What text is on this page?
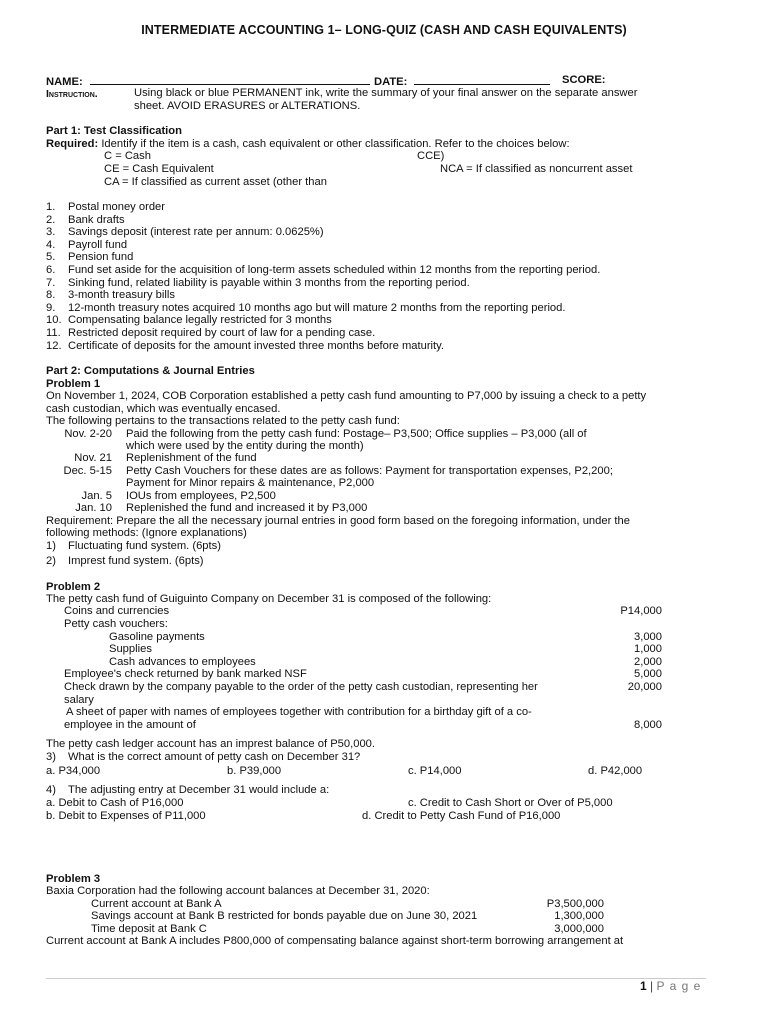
INTERMEDIATE ACCOUNTING 1– LONG-QUIZ (CASH AND CASH EQUIVALENTS)
NAME:	DATE:	SCORE:
Instruction.	Using black or blue PERMANENT ink, write the summary of your final answer on the separate answer
sheet. AVOID ERASURES or ALTERATIONS.
Part 1: Test Classification
Required: Identify if the item is a cash, cash equivalent or other classification. Refer to the choices below:
C = Cash	CCE)
CE = Cash Equivalent	NCA = If classified as noncurrent asset
CA = If classified as current asset (other than
1. Postal money order
2. Bank drafts
3. Savings deposit (interest rate per annum: 0.0625%)
4. Payroll fund
5. Pension fund
6. Fund set aside for the acquisition of long-term assets scheduled within 12 months from the reporting period.
7. Sinking fund, related liability is payable within 3 months from the reporting period.
8. 3-month treasury bills
9. 12-month treasury notes acquired 10 months ago but will mature 2 months from the reporting period.
10. Compensating balance legally restricted for 3 months
11. Restricted deposit required by court of law for a pending case.
12. Certificate of deposits for the amount invested three months before maturity.
Part 2: Computations & Journal Entries
Problem 1
On November 1, 2024, COB Corporation established a petty cash fund amounting to P7,000 by issuing a check to a petty
cash custodian, which was eventually encased.
The following pertains to the transactions related to the petty cash fund:
Nov. 2-20 Paid the following from the petty cash fund: Postage– P3,500; Office supplies – P3,000 (all of
which were used by the entity during the month)
Nov. 21 Replenishment of the fund
Dec. 5-15 Petty Cash Vouchers for these dates are as follows: Payment for transportation expenses, P2,200;
Payment for Minor repairs & maintenance, P2,000
Jan. 5 IOUs from employees, P2,500
Jan. 10 Replenished the fund and increased it by P3,000
Requirement: Prepare the all the necessary journal entries in good form based on the foregoing information, under the
following methods: (Ignore explanations)
1) Fluctuating fund system. (6pts)
2) Imprest fund system. (6pts)
Problem 2
The petty cash fund of Guiguinto Company on December 31 is composed of the following:
Coins and currencies	P14,000
Petty cash vouchers:
Gasoline payments	3,000
Supplies	1,000
Cash advances to employees	2,000
Employee's check returned by bank marked NSF	5,000
Check drawn by the company payable to the order of the petty cash custodian, representing her	20,000
salary
A sheet of paper with names of employees together with contribution for a birthday gift of a co-
employee in the amount of	8,000
The petty cash ledger account has an imprest balance of P50,000.
3) What is the correct amount of petty cash on December 31?
a. P34,000	b. P39,000	c. P14,000	d. P42,000
4) The adjusting entry at December 31 would include a:
a. Debit to Cash of P16,000	c. Credit to Cash Short or Over of P5,000
b. Debit to Expenses of P11,000	d. Credit to Petty Cash Fund of P16,000
Problem 3
Baxia Corporation had the following account balances at December 31, 2020:
Current account at Bank A	P3,500,000
Savings account at Bank B restricted for bonds payable due on June 30, 2021	1,300,000
Time deposit at Bank C	3,000,000
Current account at Bank A includes P800,000 of compensating balance against short-term borrowing arrangement at
1 | P a g e
